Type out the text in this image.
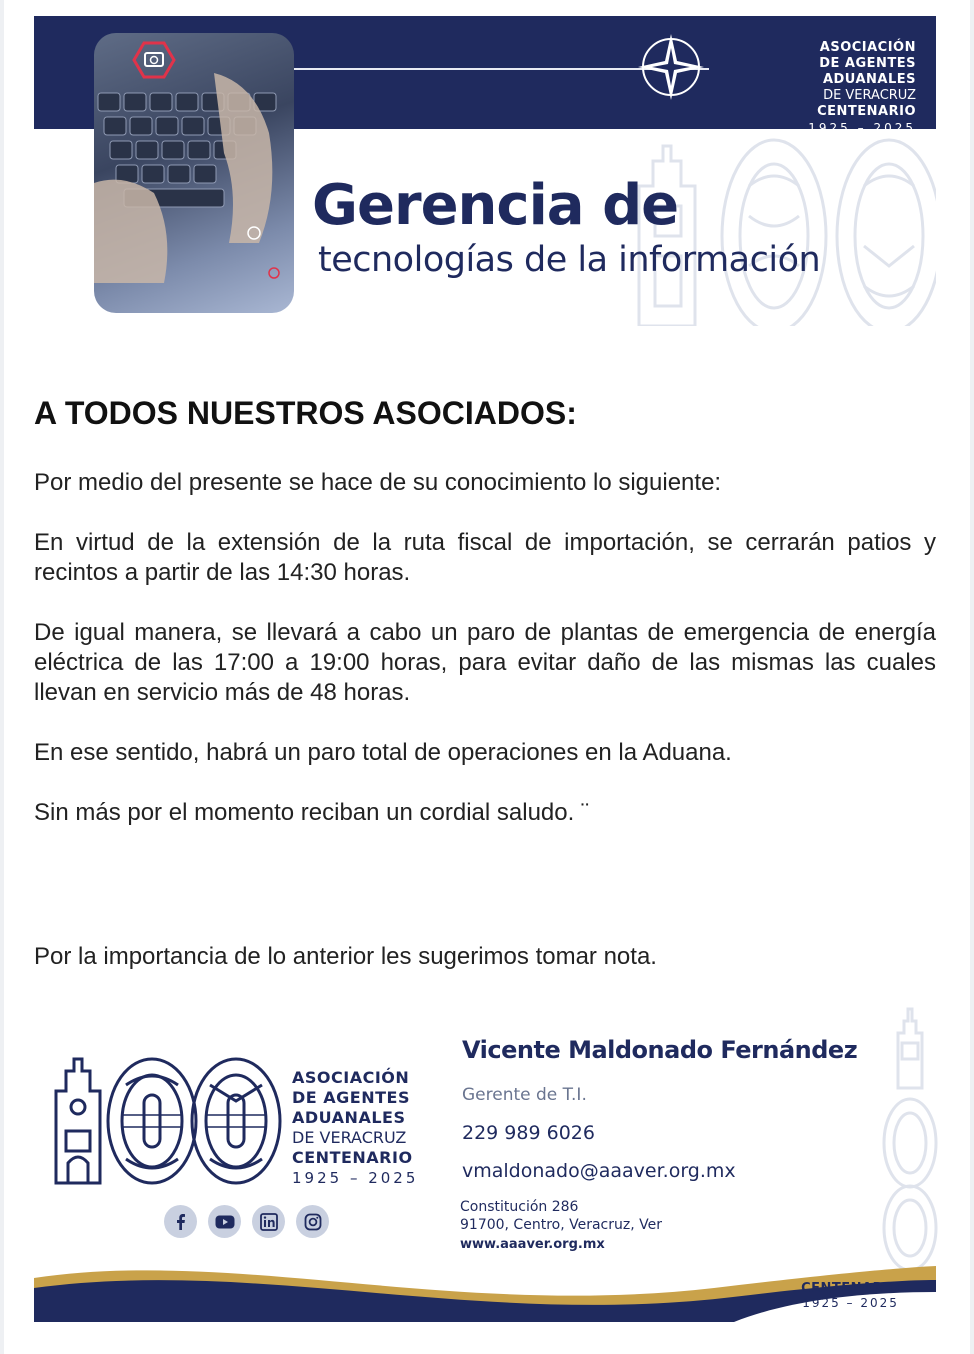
ASOCIACIÓN
DE AGENTES
ADUANALES
DE VERACRUZ
CENTENARIO
1925 – 2025
Gerencia de
tecnologías de la información
A TODOS NUESTROS ASOCIADOS:

Por medio del presente se hace de su conocimiento lo siguiente:

En virtud de la extensión de la ruta fiscal de importación, se cerrarán patios y recintos a partir de las 14:30 horas.

De igual manera, se llevará a cabo un paro de plantas de emergencia de energía eléctrica de las 17:00 a 19:00 horas, para evitar daño de las mismas las cuales llevan en servicio más de 48 horas.

En ese sentido, habrá un paro total de operaciones en la Aduana.

Sin más por el momento reciban un cordial saludo. ¨

Por la importancia de lo anterior les sugerimos tomar nota.

ASOCIACIÓN
DE AGENTES
ADUANALES
DE VERACRUZ
CENTENARIO
1925 – 2025
Vicente Maldonado Fernández
Gerente de T.I.
229 989 6026
vmaldonado@aaaver.org.mx
Constitución 286
91700, Centro, Veracruz, Ver
www.aaaver.org.mx
CENTENARIO
1925 – 2025
